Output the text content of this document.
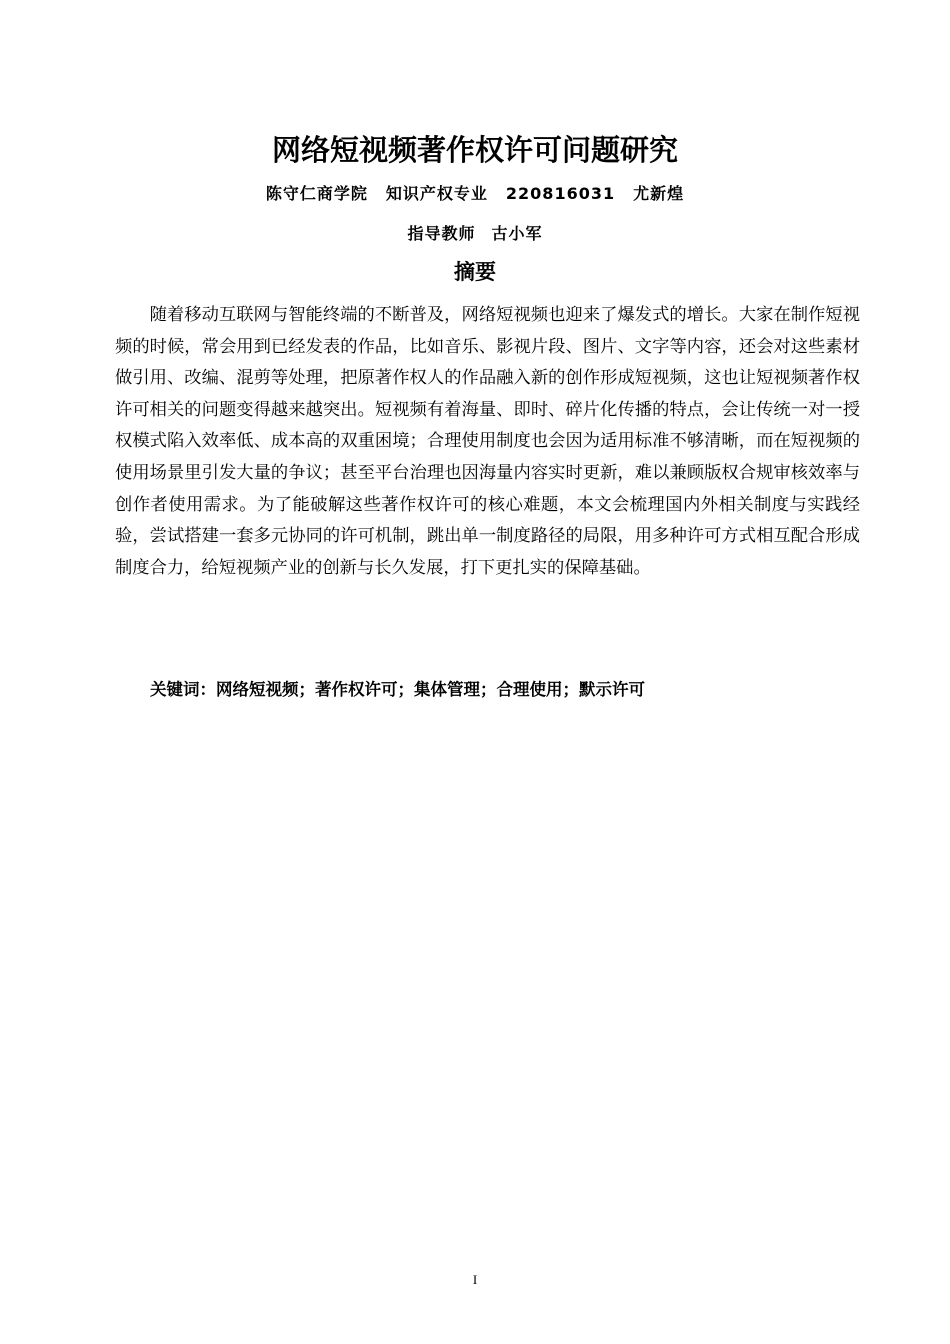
网络短视频著作权许可问题研究
陈守仁商学院 知识产权专业 220816031 尤新煌
指导教师 古小军
摘要

随着移动互联网与智能终端的不断普及，网络短视频也迎来了爆发式的增长。大家在制作短视频的时候，常会用到已经发表的作品，比如音乐、影视片段、图片、文字等内容，还会对这些素材做引用、改编、混剪等处理，把原著作权人的作品融入新的创作形成短视频，这也让短视频著作权许可相关的问题变得越来越突出。短视频有着海量、即时、碎片化传播的特点，会让传统一对一授权模式陷入效率低、成本高的双重困境；合理使用制度也会因为适用标准不够清晰，而在短视频的使用场景里引发大量的争议；甚至平台治理也因海量内容实时更新，难以兼顾版权合规审核效率与创作者使用需求。为了能破解这些著作权许可的核心难题，本文会梳理国内外相关制度与实践经验，尝试搭建一套多元协同的许可机制，跳出单一制度路径的局限，用多种许可方式相互配合形成制度合力，给短视频产业的创新与长久发展，打下更扎实的保障基础。

关键词：网络短视频；著作权许可；集体管理；合理使用；默示许可
I
